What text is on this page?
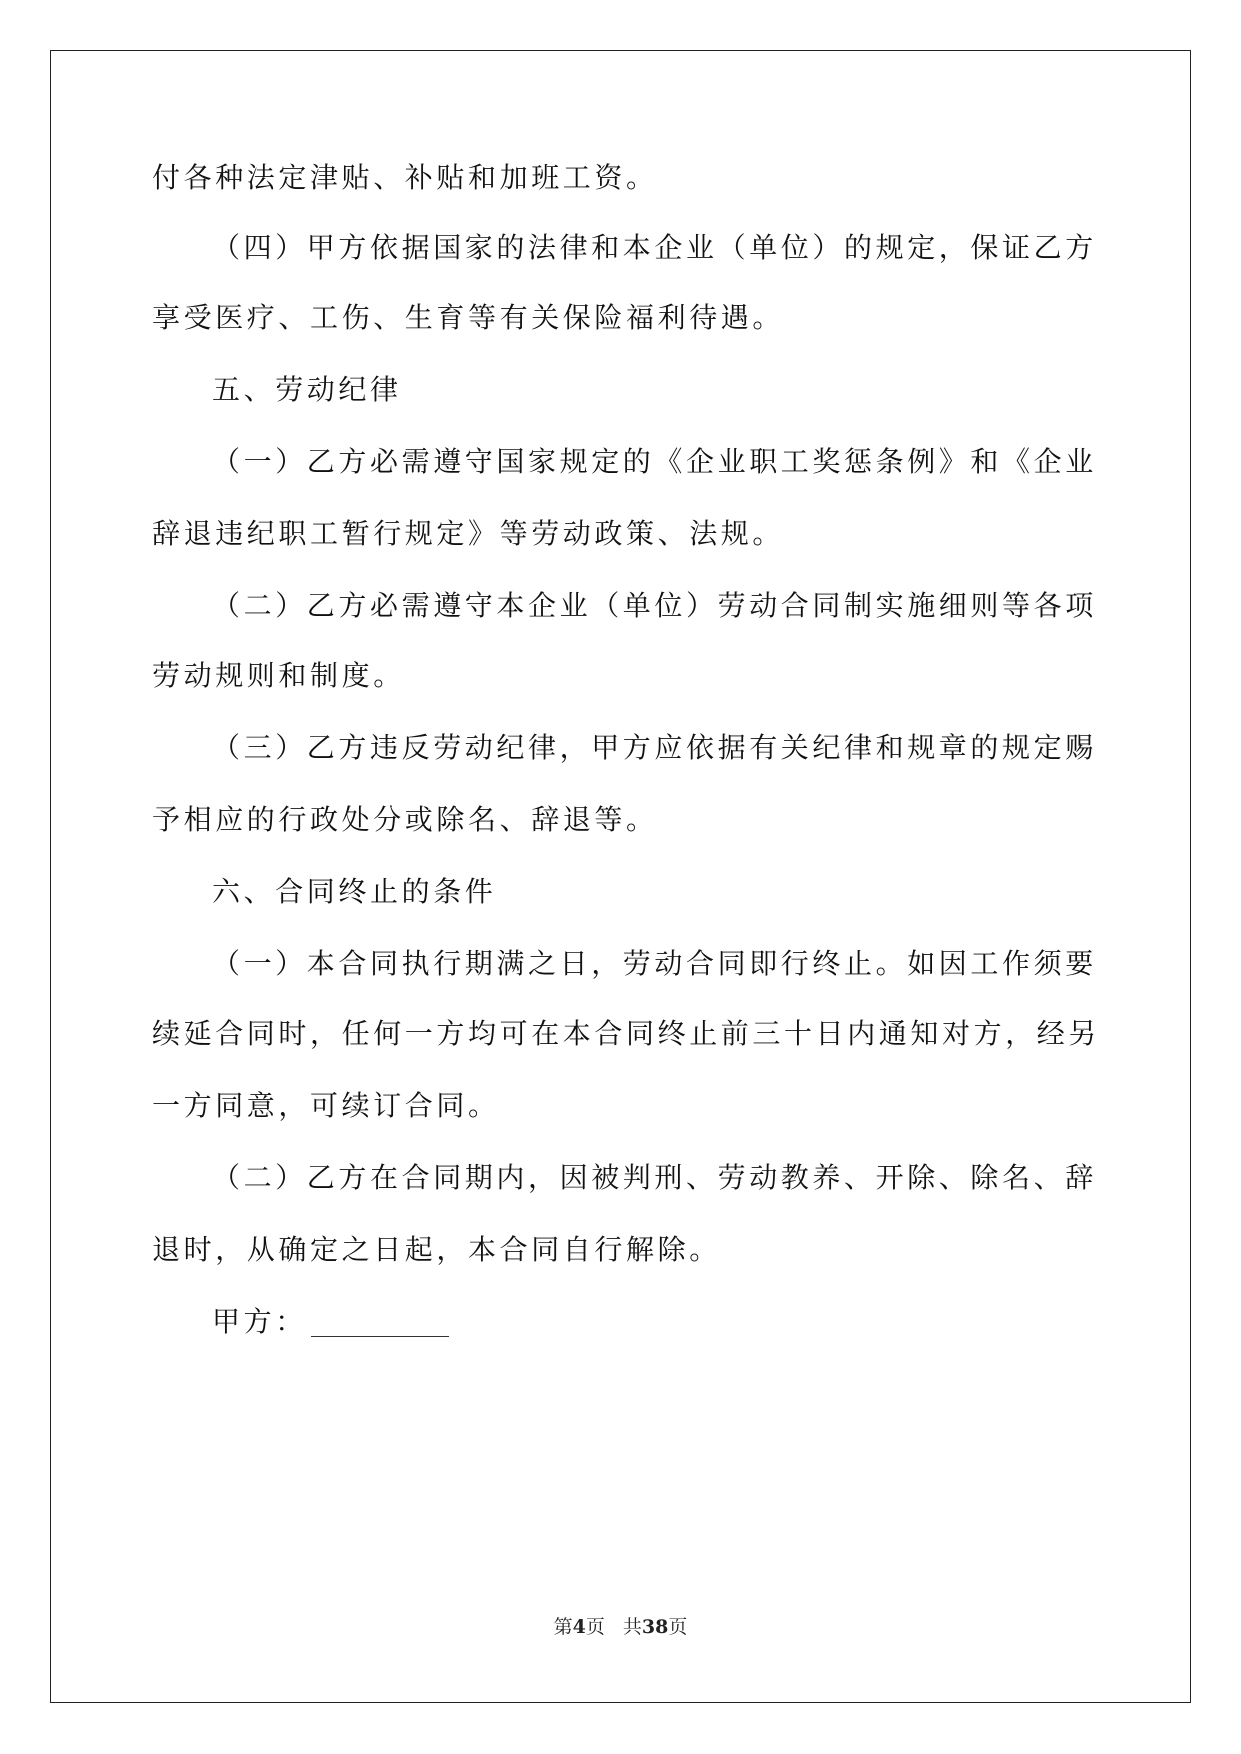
付各种法定津贴、补贴和加班工资。
（四）甲方依据国家的法律和本企业（单位）的规定，保证乙方
享受医疗、工伤、生育等有关保险福利待遇。
五、劳动纪律
（一）乙方必需遵守国家规定的《企业职工奖惩条例》和《企业
辞退违纪职工暂行规定》等劳动政策、法规。
（二）乙方必需遵守本企业（单位）劳动合同制实施细则等各项
劳动规则和制度。
（三）乙方违反劳动纪律，甲方应依据有关纪律和规章的规定赐
予相应的行政处分或除名、辞退等。
六、合同终止的条件
（一）本合同执行期满之日，劳动合同即行终止。如因工作须要
续延合同时，任何一方均可在本合同终止前三十日内通知对方，经另
一方同意，可续订合同。
（二）乙方在合同期内，因被判刑、劳动教养、开除、除名、辞
退时，从确定之日起，本合同自行解除。
甲方：
第4页 共38页
